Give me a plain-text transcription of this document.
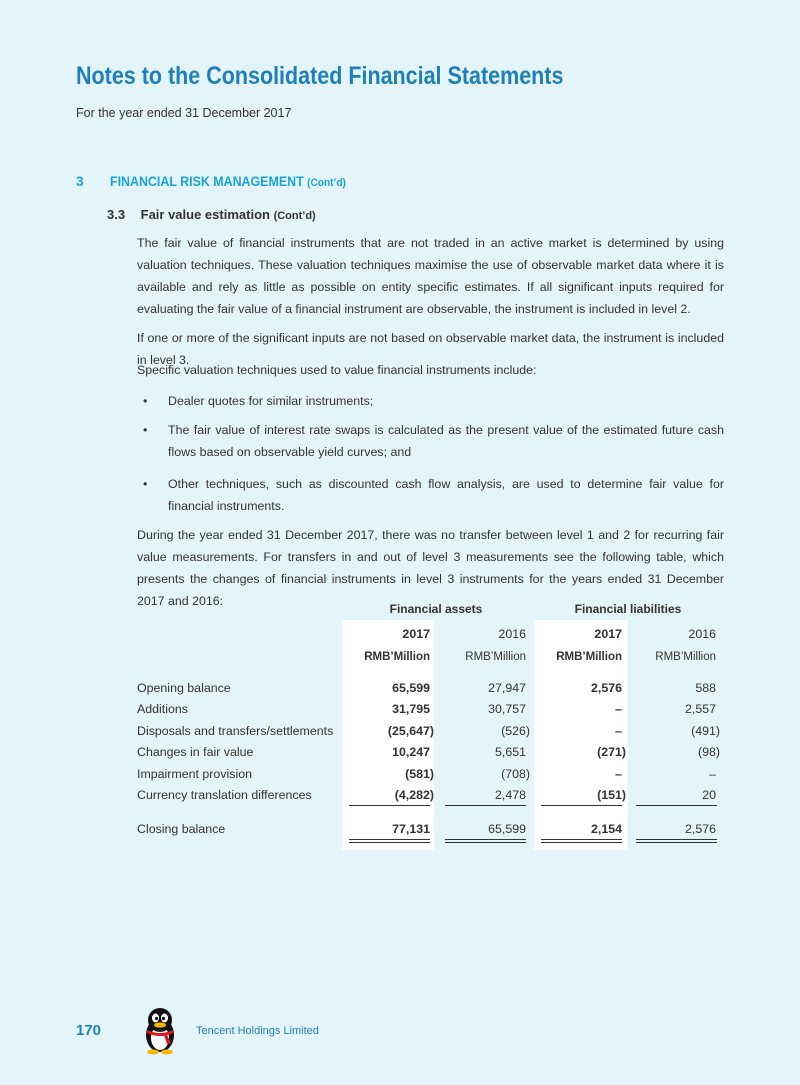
Notes to the Consolidated Financial Statements
For the year ended 31 December 2017
3 FINANCIAL RISK MANAGEMENT (Cont’d)
3.3 Fair value estimation (Cont’d)

The fair value of financial instruments that are not traded in an active market is determined by using valuation techniques. These valuation techniques maximise the use of observable market data where it is available and rely as little as possible on entity specific estimates. If all significant inputs required for evaluating the fair value of a financial instrument are observable, the instrument is included in level 2.

If one or more of the significant inputs are not based on observable market data, the instrument is included in level 3.

Specific valuation techniques used to value financial instruments include:

• Dealer quotes for similar instruments;

• The fair value of interest rate swaps is calculated as the present value of the estimated future cash flows based on observable yield curves; and

• Other techniques, such as discounted cash flow analysis, are used to determine fair value for financial instruments.

During the year ended 31 December 2017, there was no transfer between level 1 and 2 for recurring fair value measurements. For transfers in and out of level 3 measurements see the following table, which presents the changes of financial instruments in level 3 instruments for the years ended 31 December 2017 and 2016:

Financial assets	Financial liabilities
2017	2016	2017	2016
RMB’Million	RMB’Million	RMB’Million	RMB’Million
Opening balance	65,599	27,947	2,576	588
Additions	31,795	30,757	–	2,557
Disposals and transfers/settlements	(25,647)	(526)	–	(491)
Changes in fair value	10,247	5,651	(271)	(98)
Impairment provision	(581)	(708)	–	–
Currency translation differences	(4,282)	2,478	(151)	20
Closing balance	77,131	65,599	2,154	2,576
170	Tencent Holdings Limited
